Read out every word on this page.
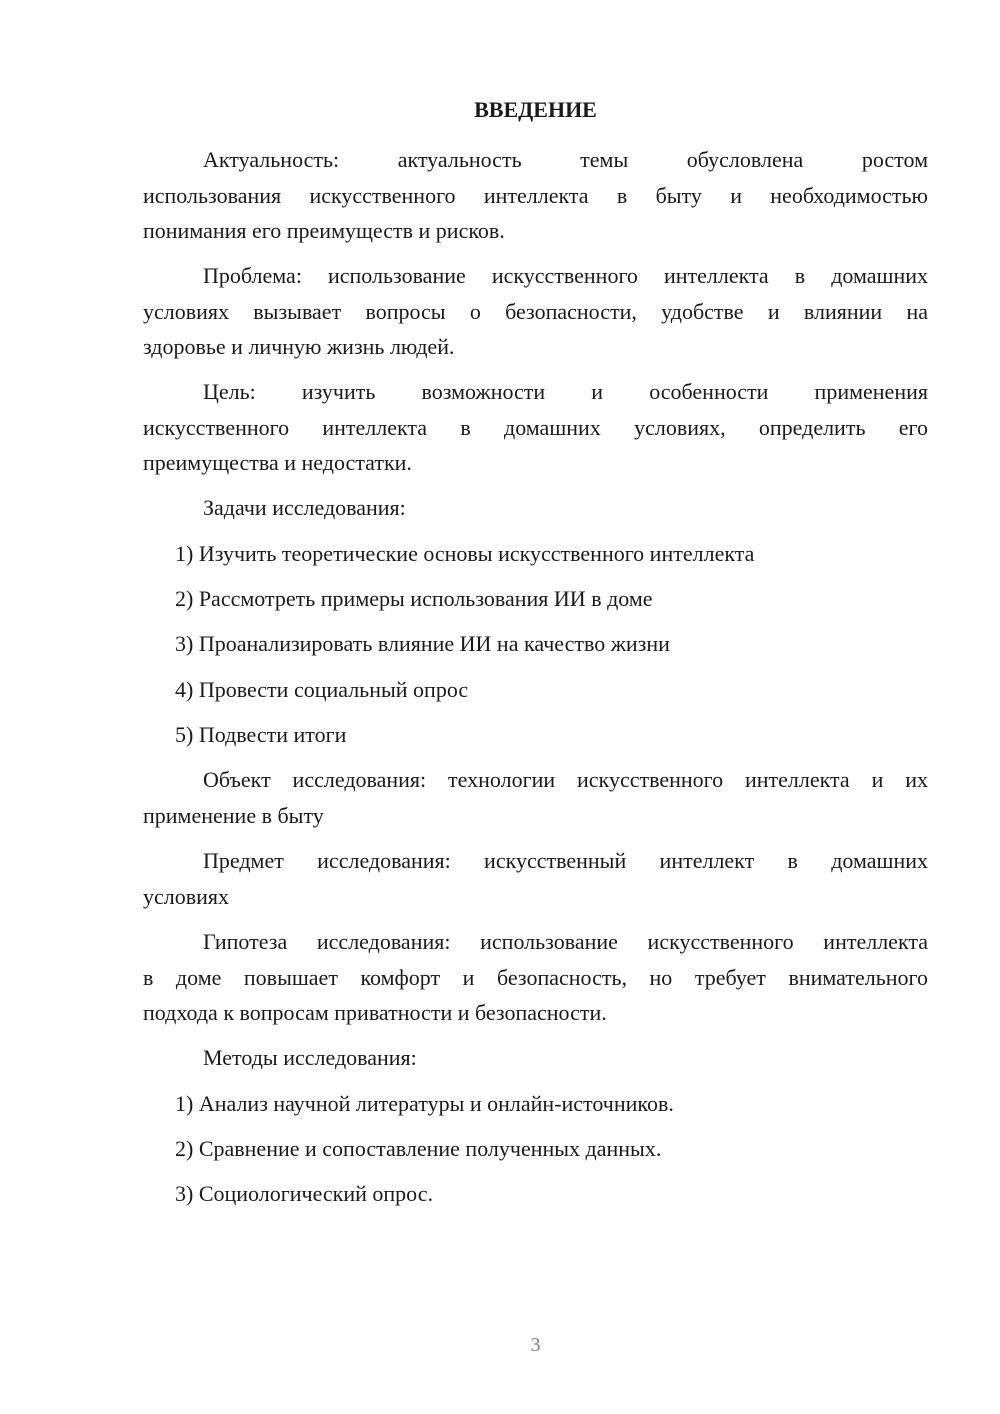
ВВЕДЕНИЕ
Актуальность: актуальность темы обусловлена ростом
использования искусственного интеллекта в быту и необходимостью
понимания его преимуществ и рисков.
Проблема: использование искусственного интеллекта в домашних
условиях вызывает вопросы о безопасности, удобстве и влиянии на
здоровье и личную жизнь людей.
Цель: изучить возможности и особенности применения
искусственного интеллекта в домашних условиях, определить его
преимущества и недостатки.
Задачи исследования:
1) Изучить теоретические основы искусственного интеллекта
2) Рассмотреть примеры использования ИИ в доме
3) Проанализировать влияние ИИ на качество жизни
4) Провести социальный опрос
5) Подвести итоги
Объект исследования: технологии искусственного интеллекта и их
применение в быту
Предмет исследования: искусственный интеллект в домашних
условиях
Гипотеза исследования: использование искусственного интеллекта
в доме повышает комфорт и безопасность, но требует внимательного
подхода к вопросам приватности и безопасности.
Методы исследования:
1) Анализ научной литературы и онлайн-источников.
2) Сравнение и сопоставление полученных данных.
3) Социологический опрос.
3
